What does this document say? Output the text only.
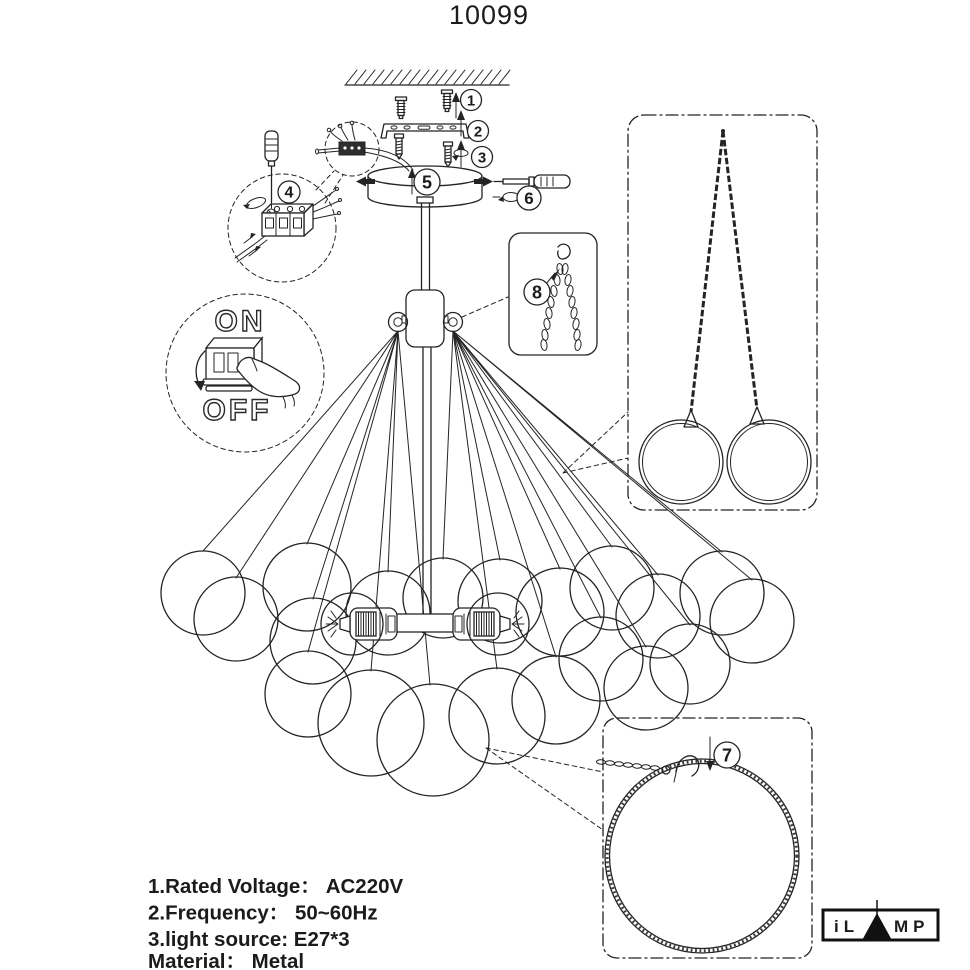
10099
1
2
3
5
6
4
ON
OFF
8
7
1.Rated Voltage： AC220V
2.Frequency： 50~60Hz
3.light source: E27*3
Material： Metal
iL MP
